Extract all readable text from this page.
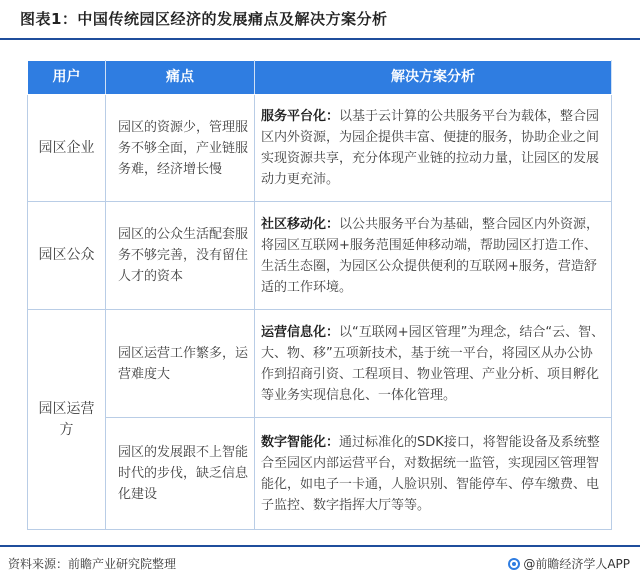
图表1：中国传统园区经济的发展痛点及解决方案分析
用户	痛点	解决方案分析
园区企业	园区的资源少，管理服务不够全面，产业链服务难，经济增长慢	服务平台化：以基于云计算的公共服务平台为载体，整合园区内外资源，为园企提供丰富、便捷的服务，协助企业之间实现资源共享，充分体现产业链的拉动力量，让园区的发展动力更充沛。
园区公众	园区的公众生活配套服务不够完善，没有留住人才的资本	社区移动化：以公共服务平台为基础，整合园区内外资源，将园区互联网+服务范围延伸移动端，帮助园区打造工作、生活生态圈，为园区公众提供便利的互联网+服务，营造舒适的工作环境。
园区运营方	园区运营工作繁多，运营难度大	运营信息化：以“互联网+园区管理”为理念，结合“云、智、大、物、移”五项新技术，基于统一平台，将园区从办公协作到招商引资、工程项目、物业管理、产业分析、项目孵化等业务实现信息化、一体化管理。
	园区的发展跟不上智能时代的步伐，缺乏信息化建设	数字智能化：通过标准化的SDK接口，将智能设备及系统整合至园区内部运营平台，对数据统一监管，实现园区管理智能化，如电子一卡通，人脸识别、智能停车、停车缴费、电子监控、数字指挥大厅等等。
资料来源：前瞻产业研究院整理	@前瞻经济学人APP
